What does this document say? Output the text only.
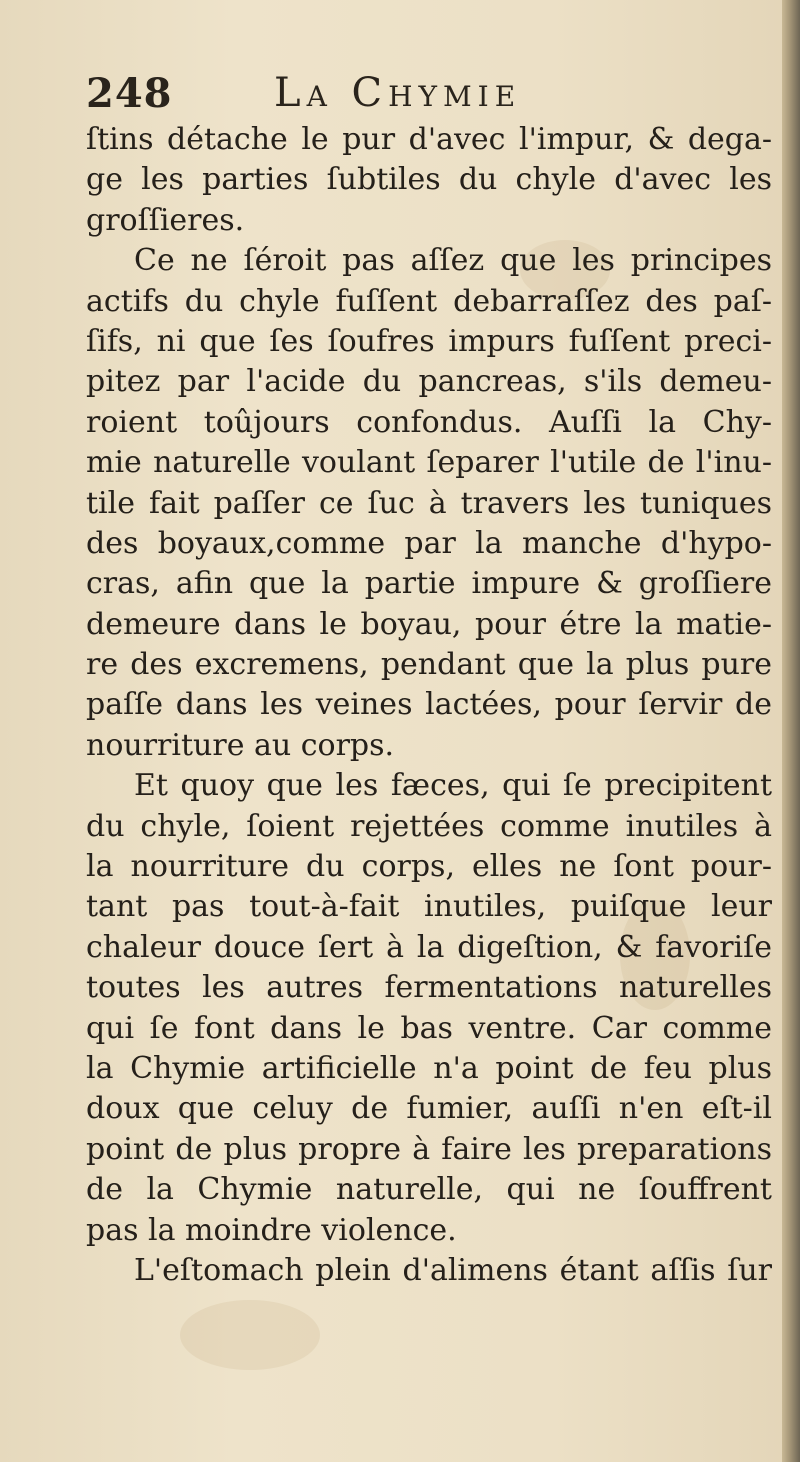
248	La Chymie
ſtins détache le pur d'avec l'impur, & dega-
ge les parties ſubtiles du chyle d'avec les
groſſieres.
Ce ne ſéroit pas aſſez que les principes
actifs du chyle fuſſent debarraſſez des paſ-
ſifs, ni que ſes ſoufres impurs fuſſent preci-
pitez par l'acide du pancreas, s'ils demeu-
roient toûjours confondus. Auſſi la Chy-
mie naturelle voulant ſeparer l'utile de l'inu-
tile fait paſſer ce ſuc à travers les tuniques
des boyaux,comme par la manche d'hypo-
cras, afin que la partie impure & groſſiere
demeure dans le boyau, pour étre la matie-
re des excremens, pendant que la plus pure
paſſe dans les veines lactées, pour ſervir de
nourriture au corps.
Et quoy que les fæces, qui ſe precipitent
du chyle, ſoient rejettées comme inutiles à
la nourriture du corps, elles ne ſont pour-
tant pas tout-à-fait inutiles, puiſque leur
chaleur douce ſert à la digeſtion, & favoriſe
toutes les autres fermentations naturelles
qui ſe font dans le bas ventre. Car comme
la Chymie artificielle n'a point de feu plus
doux que celuy de fumier, auſſi n'en eſt-il
point de plus propre à faire les preparations
de la Chymie naturelle, qui ne ſouffrent
pas la moindre violence.
L'eſtomach plein d'alimens étant aſſis ſur
